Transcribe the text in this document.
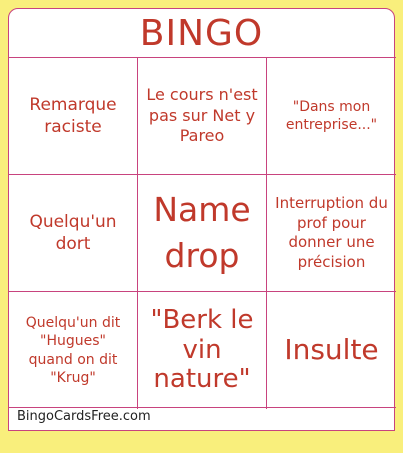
BINGO
Remarque raciste
Le cours n'est pas sur Net y Pareo
"Dans mon entreprise..."
Quelqu'un dort
Name drop
Interruption du prof pour donner une précision
Quelqu'un dit "Hugues" quand on dit "Krug"
"Berk le vin nature"
Insulte
BingoCardsFree.com
